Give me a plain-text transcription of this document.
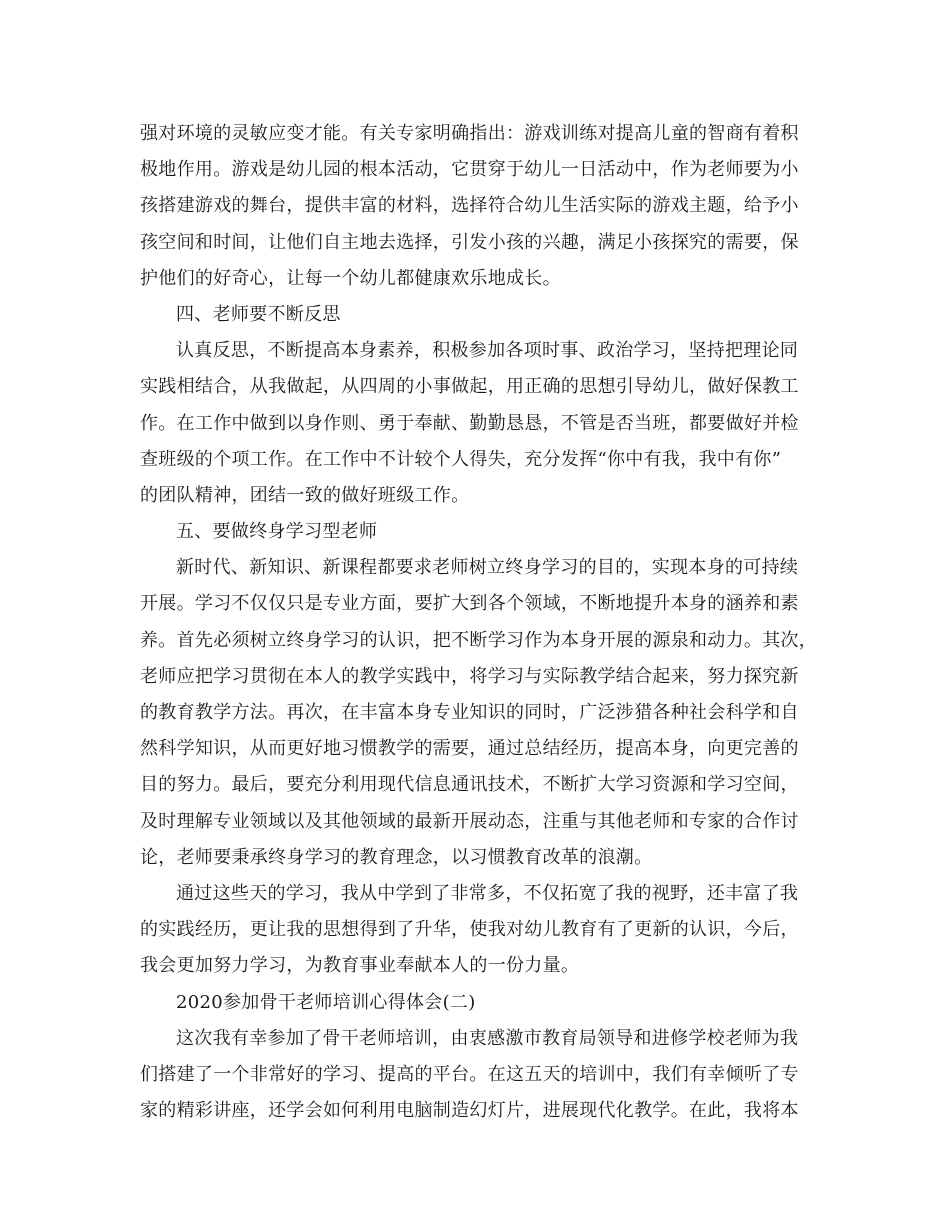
强对环境的灵敏应变才能。有关专家明确指出：游戏训练对提高儿童的智商有着积
极地作用。游戏是幼儿园的根本活动，它贯穿于幼儿一日活动中，作为老师要为小
孩搭建游戏的舞台，提供丰富的材料，选择符合幼儿生活实际的游戏主题，给予小
孩空间和时间，让他们自主地去选择，引发小孩的兴趣，满足小孩探究的需要，保
护他们的好奇心，让每一个幼儿都健康欢乐地成长。
四、老师要不断反思
认真反思，不断提高本身素养，积极参加各项时事、政治学习，坚持把理论同
实践相结合，从我做起，从四周的小事做起，用正确的思想引导幼儿，做好保教工
作。在工作中做到以身作则、勇于奉献、勤勤恳恳，不管是否当班，都要做好并检
查班级的个项工作。在工作中不计较个人得失，充分发挥“你中有我，我中有你”
的团队精神，团结一致的做好班级工作。
五、要做终身学习型老师
新时代、新知识、新课程都要求老师树立终身学习的目的，实现本身的可持续
开展。学习不仅仅只是专业方面，要扩大到各个领域，不断地提升本身的涵养和素
养。首先必须树立终身学习的认识，把不断学习作为本身开展的源泉和动力。其次，
老师应把学习贯彻在本人的教学实践中，将学习与实际教学结合起来，努力探究新
的教育教学方法。再次，在丰富本身专业知识的同时，广泛涉猎各种社会科学和自
然科学知识，从而更好地习惯教学的需要，通过总结经历，提高本身，向更完善的
目的努力。最后，要充分利用现代信息通讯技术，不断扩大学习资源和学习空间，
及时理解专业领域以及其他领域的最新开展动态，注重与其他老师和专家的合作讨
论，老师要秉承终身学习的教育理念，以习惯教育改革的浪潮。
通过这些天的学习，我从中学到了非常多，不仅拓宽了我的视野，还丰富了我
的实践经历，更让我的思想得到了升华，使我对幼儿教育有了更新的认识，今后，
我会更加努力学习，为教育事业奉献本人的一份力量。
2020参加骨干老师培训心得体会(二)
这次我有幸参加了骨干老师培训，由衷感激市教育局领导和进修学校老师为我
们搭建了一个非常好的学习、提高的平台。在这五天的培训中，我们有幸倾听了专
家的精彩讲座，还学会如何利用电脑制造幻灯片，进展现代化教学。在此，我将本
